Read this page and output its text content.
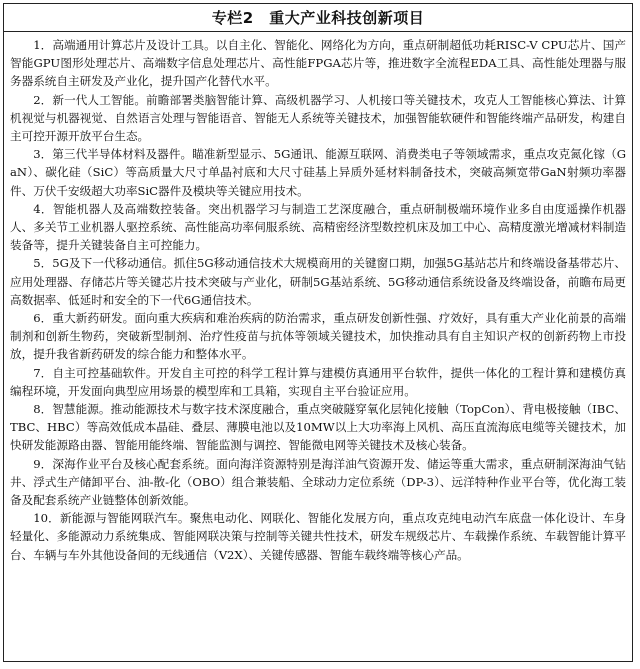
专栏2　重大产业科技创新项目

1．高端通用计算芯片及设计工具。以自主化、智能化、网络化为方向，重点研制超低功耗RISC-V CPU芯片、国产智能GPU图形处理芯片、高端数字信息处理芯片、高性能FPGA芯片等，推进数字全流程EDA工具、高性能处理器与服务器系统自主研发及产业化，提升国产化替代水平。

2．新一代人工智能。前瞻部署类脑智能计算、高级机器学习、人机接口等关键技术，攻克人工智能核心算法、计算机视觉与机器视觉、自然语言处理与智能语音、智能无人系统等关键技术，加强智能软硬件和智能终端产品研发，构建自主可控开源开放平台生态。

3．第三代半导体材料及器件。瞄准新型显示、5G通讯、能源互联网、消费类电子等领域需求，重点攻克氮化镓（GaN）、碳化硅（SiC）等高质量大尺寸单晶衬底和大尺寸硅基上异质外延材料制备技术，突破高频宽带GaN射频功率器件、万伏千安级超大功率SiC器件及模块等关键应用技术。

4．智能机器人及高端数控装备。突出机器学习与制造工艺深度融合，重点研制极端环境作业多自由度遥操作机器人、多关节工业机器人驱控系统、高性能高功率伺服系统、高精密经济型数控机床及加工中心、高精度激光增减材料制造装备等，提升关键装备自主可控能力。

5．5G及下一代移动通信。抓住5G移动通信技术大规模商用的关键窗口期，加强5G基站芯片和终端设备基带芯片、应用处理器、存储芯片等关键芯片技术突破与产业化，研制5G基站系统、5G移动通信系统设备及终端设备，前瞻布局更高数据率、低延时和安全的下一代6G通信技术。

6．重大新药研发。面向重大疾病和难治疾病的防治需求，重点研发创新性强、疗效好，具有重大产业化前景的高端制剂和创新生物药，突破新型制剂、治疗性疫苗与抗体等领域关键技术，加快推动具有自主知识产权的创新药物上市投放，提升我省新药研发的综合能力和整体水平。

7．自主可控基础软件。开发自主可控的科学工程计算与建模仿真通用平台软件，提供一体化的工程计算和建模仿真编程环境，开发面向典型应用场景的模型库和工具箱，实现自主平台验证应用。

8．智慧能源。推动能源技术与数字技术深度融合，重点突破隧穿氧化层钝化接触（TopCon）、背电极接触（IBC、TBC、HBC）等高效低成本晶硅、叠层、薄膜电池以及10MW以上大功率海上风机、高压直流海底电缆等关键技术，加快研发能源路由器、智能用能终端、智能监测与调控、智能微电网等关键技术及核心装备。

9．深海作业平台及核心配套系统。面向海洋资源特别是海洋油气资源开发、储运等重大需求，重点研制深海油气钻井、浮式生产储卸平台、油-散-化（OBO）组合兼装船、全球动力定位系统（DP-3）、远洋特种作业平台等，优化海工装备及配套系统产业链整体创新效能。

10．新能源与智能网联汽车。聚焦电动化、网联化、智能化发展方向，重点攻克纯电动汽车底盘一体化设计、车身轻量化、多能源动力系统集成、智能网联决策与控制等关键共性技术，研发车规级芯片、车载操作系统、车载智能计算平台、车辆与车外其他设备间的无线通信（V2X）、关键传感器、智能车载终端等核心产品。
